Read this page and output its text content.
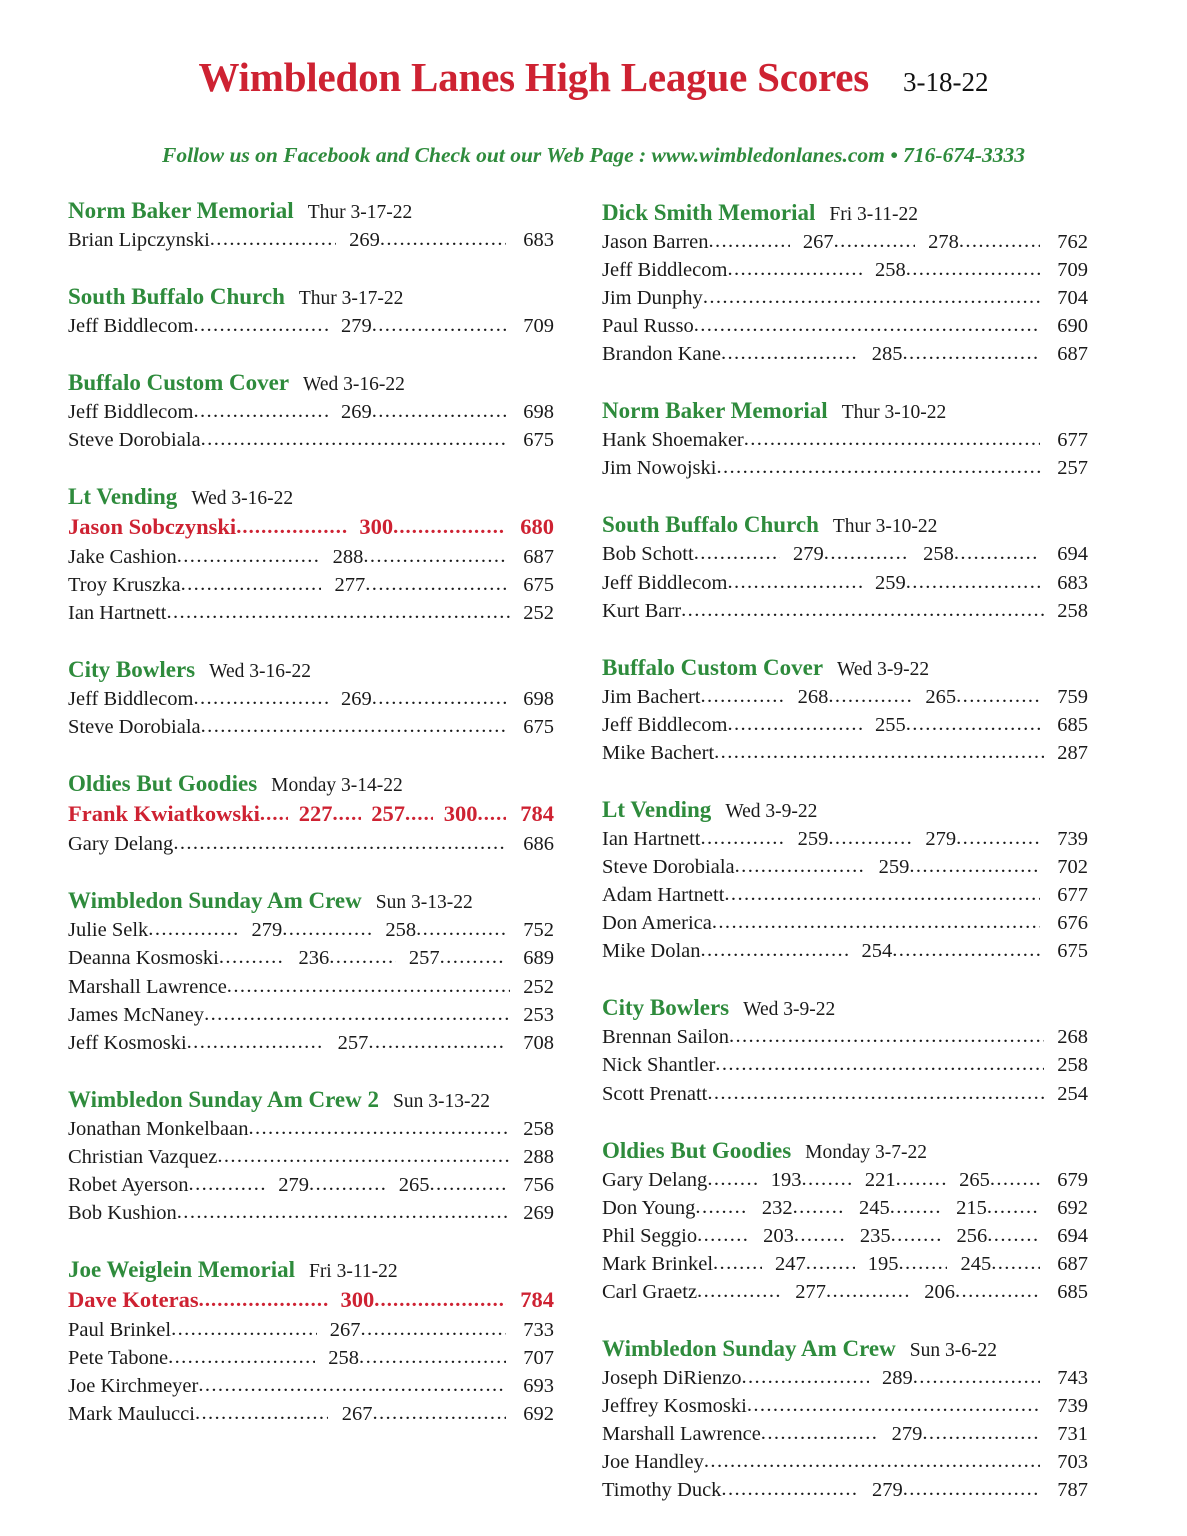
Wimbledon Lanes High League Scores 3-18-22
Follow us on Facebook and Check out our Web Page : www.wimbledonlanes.com • 716-674-3333
Norm Baker Memorial Thur 3-17-22
Brian Lipczynski .....	269 .....	683
South Buffalo Church Thur 3-17-22
Jeff Biddlecom .....	279 .....	709
Buffalo Custom Cover Wed 3-16-22
Jeff Biddlecom .....	269 .....	698
Steve Dorobiala .....	675
Lt Vending Wed 3-16-22
Jason Sobczynski .....	300 .....	680
Jake Cashion .....	288 .....	687
Troy Kruszka .....	277 .....	675
Ian Hartnett .....	252
City Bowlers Wed 3-16-22
Jeff Biddlecom .....	269 .....	698
Steve Dorobiala .....	675
Oldies But Goodies Monday 3-14-22
Frank Kwiatkowski .....	227 .....	257 .....	300 .....	784
Gary Delang .....	686
Wimbledon Sunday Am Crew Sun 3-13-22
Julie Selk .....	279 .....	258 .....	752
Deanna Kosmoski .....	236 .....	257 .....	689
Marshall Lawrence .....	252
James McNaney .....	253
Jeff Kosmoski .....	257 .....	708
Wimbledon Sunday Am Crew 2 Sun 3-13-22
Jonathan Monkelbaan .....	258
Christian Vazquez .....	288
Robet Ayerson .....	279 .....	265 .....	756
Bob Kushion .....	269
Joe Weiglein Memorial Fri 3-11-22
Dave Koteras .....	300 .....	784
Paul Brinkel .....	267 .....	733
Pete Tabone .....	258 .....	707
Joe Kirchmeyer .....	693
Mark Maulucci .....	267 .....	692
Dick Smith Memorial Fri 3-11-22
Jason Barren .....	267 .....	278 .....	762
Jeff Biddlecom .....	258 .....	709
Jim Dunphy .....	704
Paul Russo .....	690
Brandon Kane .....	285 .....	687
Norm Baker Memorial Thur 3-10-22
Hank Shoemaker .....	677
Jim Nowojski .....	257
South Buffalo Church Thur 3-10-22
Bob Schott .....	279 .....	258 .....	694
Jeff Biddlecom .....	259 .....	683
Kurt Barr .....	258
Buffalo Custom Cover Wed 3-9-22
Jim Bachert .....	268 .....	265 .....	759
Jeff Biddlecom .....	255 .....	685
Mike Bachert .....	287
Lt Vending Wed 3-9-22
Ian Hartnett .....	259 .....	279 .....	739
Steve Dorobiala .....	259 .....	702
Adam Hartnett .....	677
Don America .....	676
Mike Dolan .....	254 .....	675
City Bowlers Wed 3-9-22
Brennan Sailon .....	268
Nick Shantler .....	258
Scott Prenatt .....	254
Oldies But Goodies Monday 3-7-22
Gary Delang .....	193 .....	221 .....	265 .....	679
Don Young .....	232 .....	245 .....	215 .....	692
Phil Seggio .....	203 .....	235 .....	256 .....	694
Mark Brinkel .....	247 .....	195 .....	245 .....	687
Carl Graetz .....	277 .....	206 .....	685
Wimbledon Sunday Am Crew Sun 3-6-22
Joseph DiRienzo .....	289 .....	743
Jeffrey Kosmoski .....	739
Marshall Lawrence .....	279 .....	731
Joe Handley .....	703
Timothy Duck .....	279 .....	787
